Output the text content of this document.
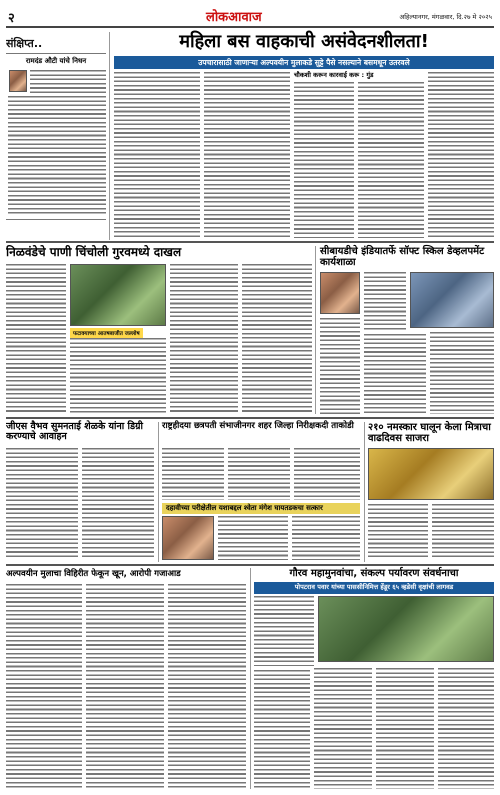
२	लोकआवाज	अहिल्यानगर, मंगळवार, दि.२७ मे २०२५
संक्षिप्त..
रामदंड औटी यांचे निधन
महिला बस वाहकाची असंवेदनशीलता!
उपचारासाठी जाणाऱ्या अल्पवयीन मुलाकडे सुट्टे पैसे नसल्याने बसमधून उतरवले
चौकशी करून कारवाई करू : गुंड
निळवंडेचे पाणी चिंचोली गुरवमध्ये दाखल
फटाक्याच्या आतषबाजीत जल्लोष
सीबायडीचे इंडियातर्फे सॉफ्ट स्किल डेव्हलपमेंट कार्यशाळा
जीएस वैभव सुमनताई शेळके यांना डिग्री करण्याचे आवाहन
राष्ट्रहीदया छत्रपती संभाजीनगर शहर जिल्हा निरीक्षकदी ताकोडी
दहावीच्या परीक्षेतील यशाबद्दल श्वेता मंगेश घायतडकचा सत्कार
२१० नमस्कार घालून केला मित्राचा वाढदिवस साजरा
अल्पवयीन मुलाचा विहिरीत फेकून खून, आरोपी गजाआड	गौरव महामुनवांचा, संकल्प पर्यावरण संवर्धनाचा
पोपटराव पवार यांच्या पाससीनिमित्त हेंडूर ६५ व्हडेसी वृक्षांची लागवड
